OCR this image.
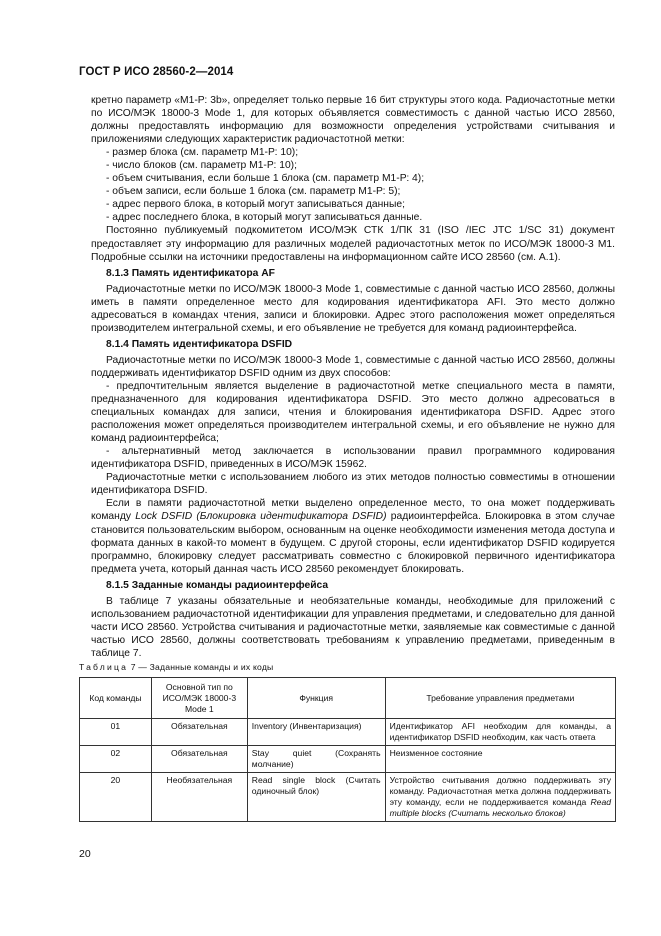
ГОСТ Р ИСО 28560-2—2014

кретно параметр «М1-Р: 3b», определяет только первые 16 бит структуры этого кода. Радиочастотные метки по ИСО/МЭК 18000-3 Mode 1, для которых объявляется совместимость с данной частью ИСО 28560, должны предоставлять информацию для возможности определения устройствами считывания и приложениями следующих характеристик радиочастотной метки:

- размер блока (см. параметр М1-Р: 10);

- число блоков (см. параметр М1-Р: 10);

- объем считывания, если больше 1 блока (см. параметр М1-Р: 4);

- объем записи, если больше 1 блока (см. параметр М1-Р: 5);

- адрес первого блока, в который могут записываться данные;

- адрес последнего блока, в который могут записываться данные.

Постоянно публикуемый подкомитетом ИСО/МЭК СТК 1/ПК 31 (ISO /IEC JTC 1/SC 31) документ предоставляет эту информацию для различных моделей радиочастотных меток по ИСО/МЭК 18000-3 М1. Подробные ссылки на источники предоставлены на информационном сайте ИСО 28560 (см. А.1).

8.1.3 Память идентификатора AF

Радиочастотные метки по ИСО/МЭК 18000-3 Mode 1, совместимые с данной частью ИСО 28560, должны иметь в памяти определенное место для кодирования идентификатора AFI. Это место должно адресоваться в командах чтения, записи и блокировки. Адрес этого расположения может определяться производителем интегральной схемы, и его объявление не требуется для команд радиоинтерфейса.

8.1.4 Память идентификатора DSFID

Радиочастотные метки по ИСО/МЭК 18000-3 Mode 1, совместимые с данной частью ИСО 28560, должны поддерживать идентификатор DSFID одним из двух способов:

- предпочтительным является выделение в радиочастотной метке специального места в памяти, предназначенного для кодирования идентификатора DSFID. Это место должно адресоваться в специальных командах для записи, чтения и блокирования идентификатора DSFID. Адрес этого расположения может определяться производителем интегральной схемы, и его объявление не нужно для команд радиоинтерфейса;

- альтернативный метод заключается в использовании правил программного кодирования идентификатора DSFID, приведенных в ИСО/МЭК 15962.

Радиочастотные метки с использованием любого из этих методов полностью совместимы в отношении идентификатора DSFID.

Если в памяти радиочастотной метки выделено определенное место, то она может поддерживать команду Lock DSFID (Блокировка идентификатора DSFID) радиоинтерфейса. Блокировка в этом случае становится пользовательским выбором, основанным на оценке необходимости изменения метода доступа и формата данных в какой-то момент в будущем. С другой стороны, если идентификатор DSFID кодируется программно, блокировку следует рассматривать совместно с блокировкой первичного идентификатора предмета учета, который данная часть ИСО 28560 рекомендует блокировать.

8.1.5 Заданные команды радиоинтерфейса

В таблице 7 указаны обязательные и необязательные команды, необходимые для приложений с использованием радиочастотной идентификации для управления предметами, и следовательно для данной части ИСО 28560. Устройства считывания и радиочастотные метки, заявляемые как совместимые с данной частью ИСО 28560, должны соответствовать требованиям к управлению предметами, приведенным в таблице 7.

Таблица 7 — Заданные команды и их коды
Код команды	Основной тип по ИСО/МЭК 18000-3 Mode 1	Функция	Требование управления предметами
01	Обязательная	Inventory (Инвентаризация)	Идентификатор AFI необходим для команды, а идентификатор DSFID необходим, как часть ответа
02	Обязательная	Stay quiet (Сохранять молчание)	Неизменное состояние
20	Необязательная	Read single block (Считать одиночный блок)	Устройство считывания должно поддерживать эту команду. Радиочастотная метка должна поддерживать эту команду, если не поддерживается команда Read multiple blocks (Считать несколько блоков)
20
